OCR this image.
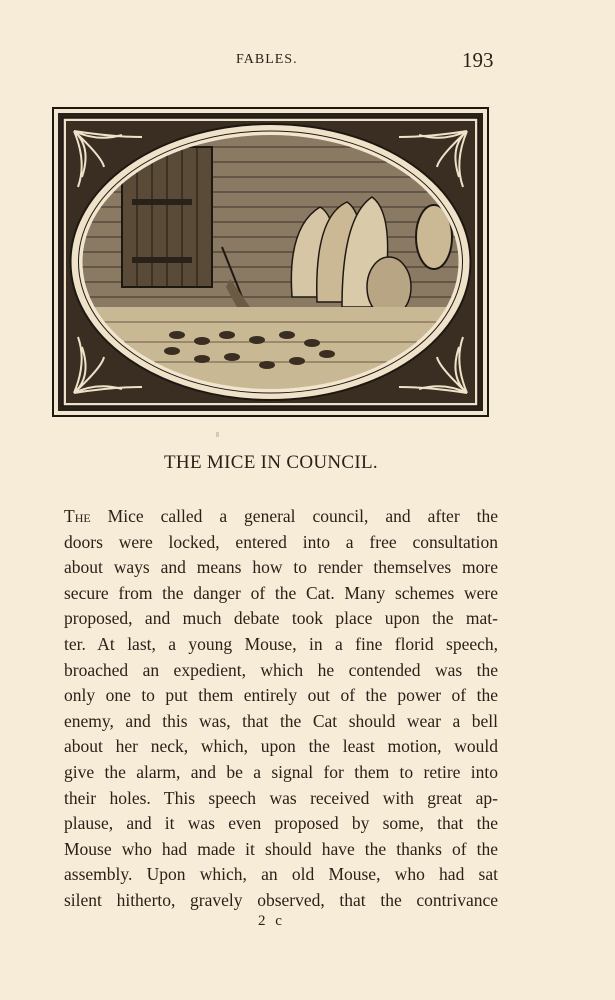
FABLES.	193
THE MICE IN COUNCIL.
The Mice called a general council, and after the
doors were locked, entered into a free consultation
about ways and means how to render themselves more
secure from the danger of the Cat. Many schemes were
proposed, and much debate took place upon the mat-
ter. At last, a young Mouse, in a fine florid speech,
broached an expedient, which he contended was the
only one to put them entirely out of the power of the
enemy, and this was, that the Cat should wear a bell
about her neck, which, upon the least motion, would
give the alarm, and be a signal for them to retire into
their holes. This speech was received with great ap-
plause, and it was even proposed by some, that the
Mouse who had made it should have the thanks of the
assembly. Upon which, an old Mouse, who had sat
silent hitherto, gravely observed, that the contrivance
2 c
